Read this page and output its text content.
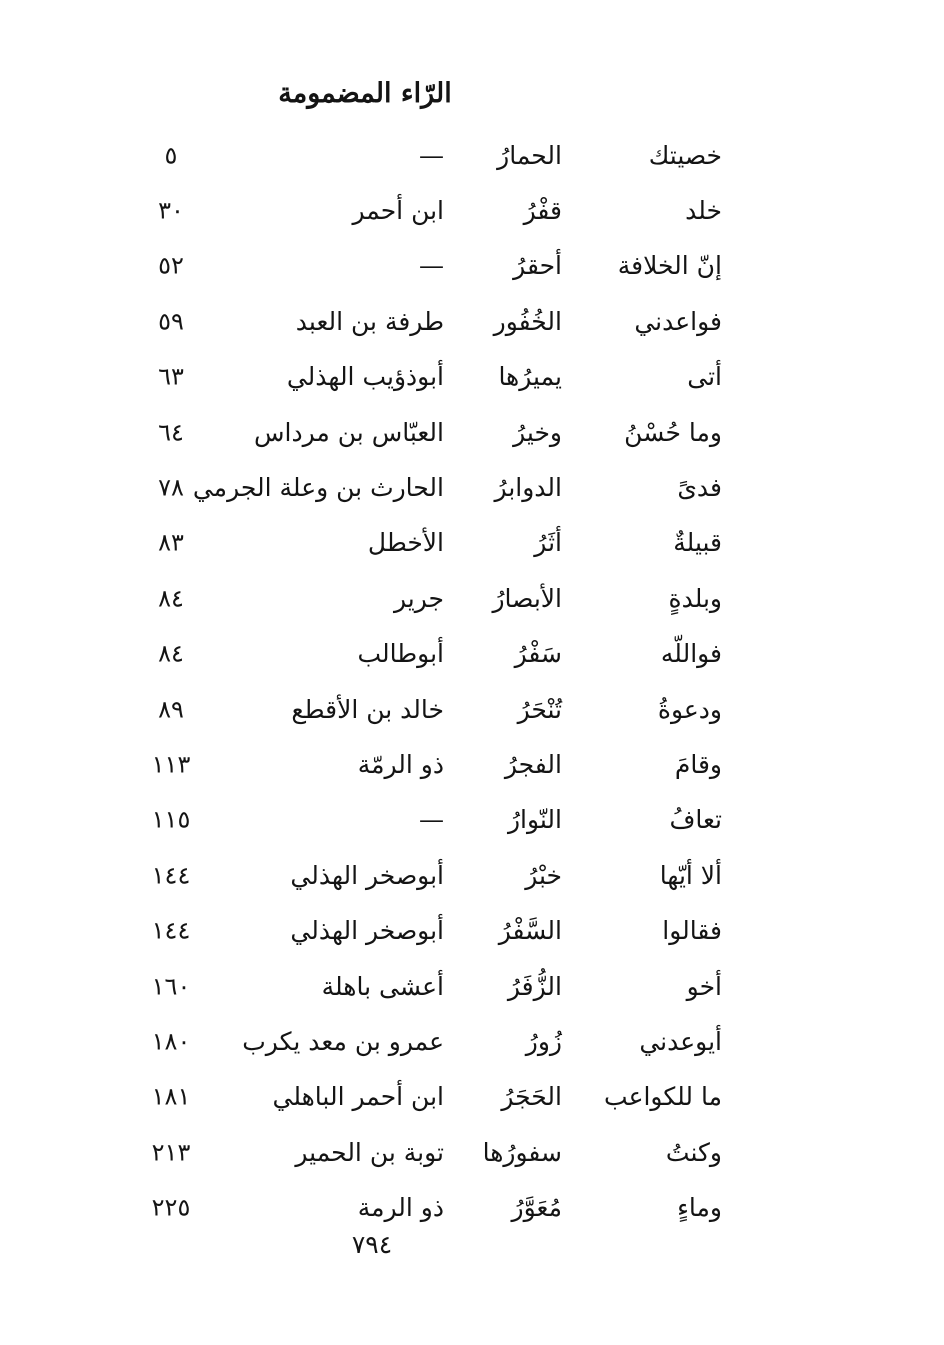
الرّاء المضمومة
خصيتك
الحمارُ
—
٥
خلد
قفْرُ
ابن أحمر
٣٠
إنّ الخلافة
أحقرُ
—
٥٢
فواعدني
الخُفُور
طرفة بن العبد
٥٩
أتى
يميرُها
أبوذؤيب الهذلي
٦٣
وما حُسْنُ
وخيرُ
العبّاس بن مرداس
٦٤
فدىً
الدوابرُ
الحارث بن وعلة الجرمي
٧٨
قبيلةٌ
أثَرُ
الأخطل
٨٣
وبلدةٍ
الأبصارُ
جرير
٨٤
فواللّه
سَفْرُ
أبوطالب
٨٤
ودعوةُ
تُنْحَرُ
خالد بن الأقطع
٨٩
وقامَ
الفجرُ
ذو الرمّة
١١٣
تعافُ
النّوارُ
—
١١٥
ألا أيّها
خبْرُ
أبوصخر الهذلي
١٤٤
فقالوا
السَّفْرُ
أبوصخر الهذلي
١٤٤
أخو
الزُّفَرُ
أعشى باهلة
١٦٠
أيوعدني
زُورُ
عمرو بن معد يكرب
١٨٠
ما للكواعب
الحَجَرُ
ابن أحمر الباهلي
١٨١
وكنتُ
سفورُها
توبة بن الحمير
٢١٣
وماءٍ
مُعَوَّرُ
ذو الرمة
٢٢٥
٧٩٤
